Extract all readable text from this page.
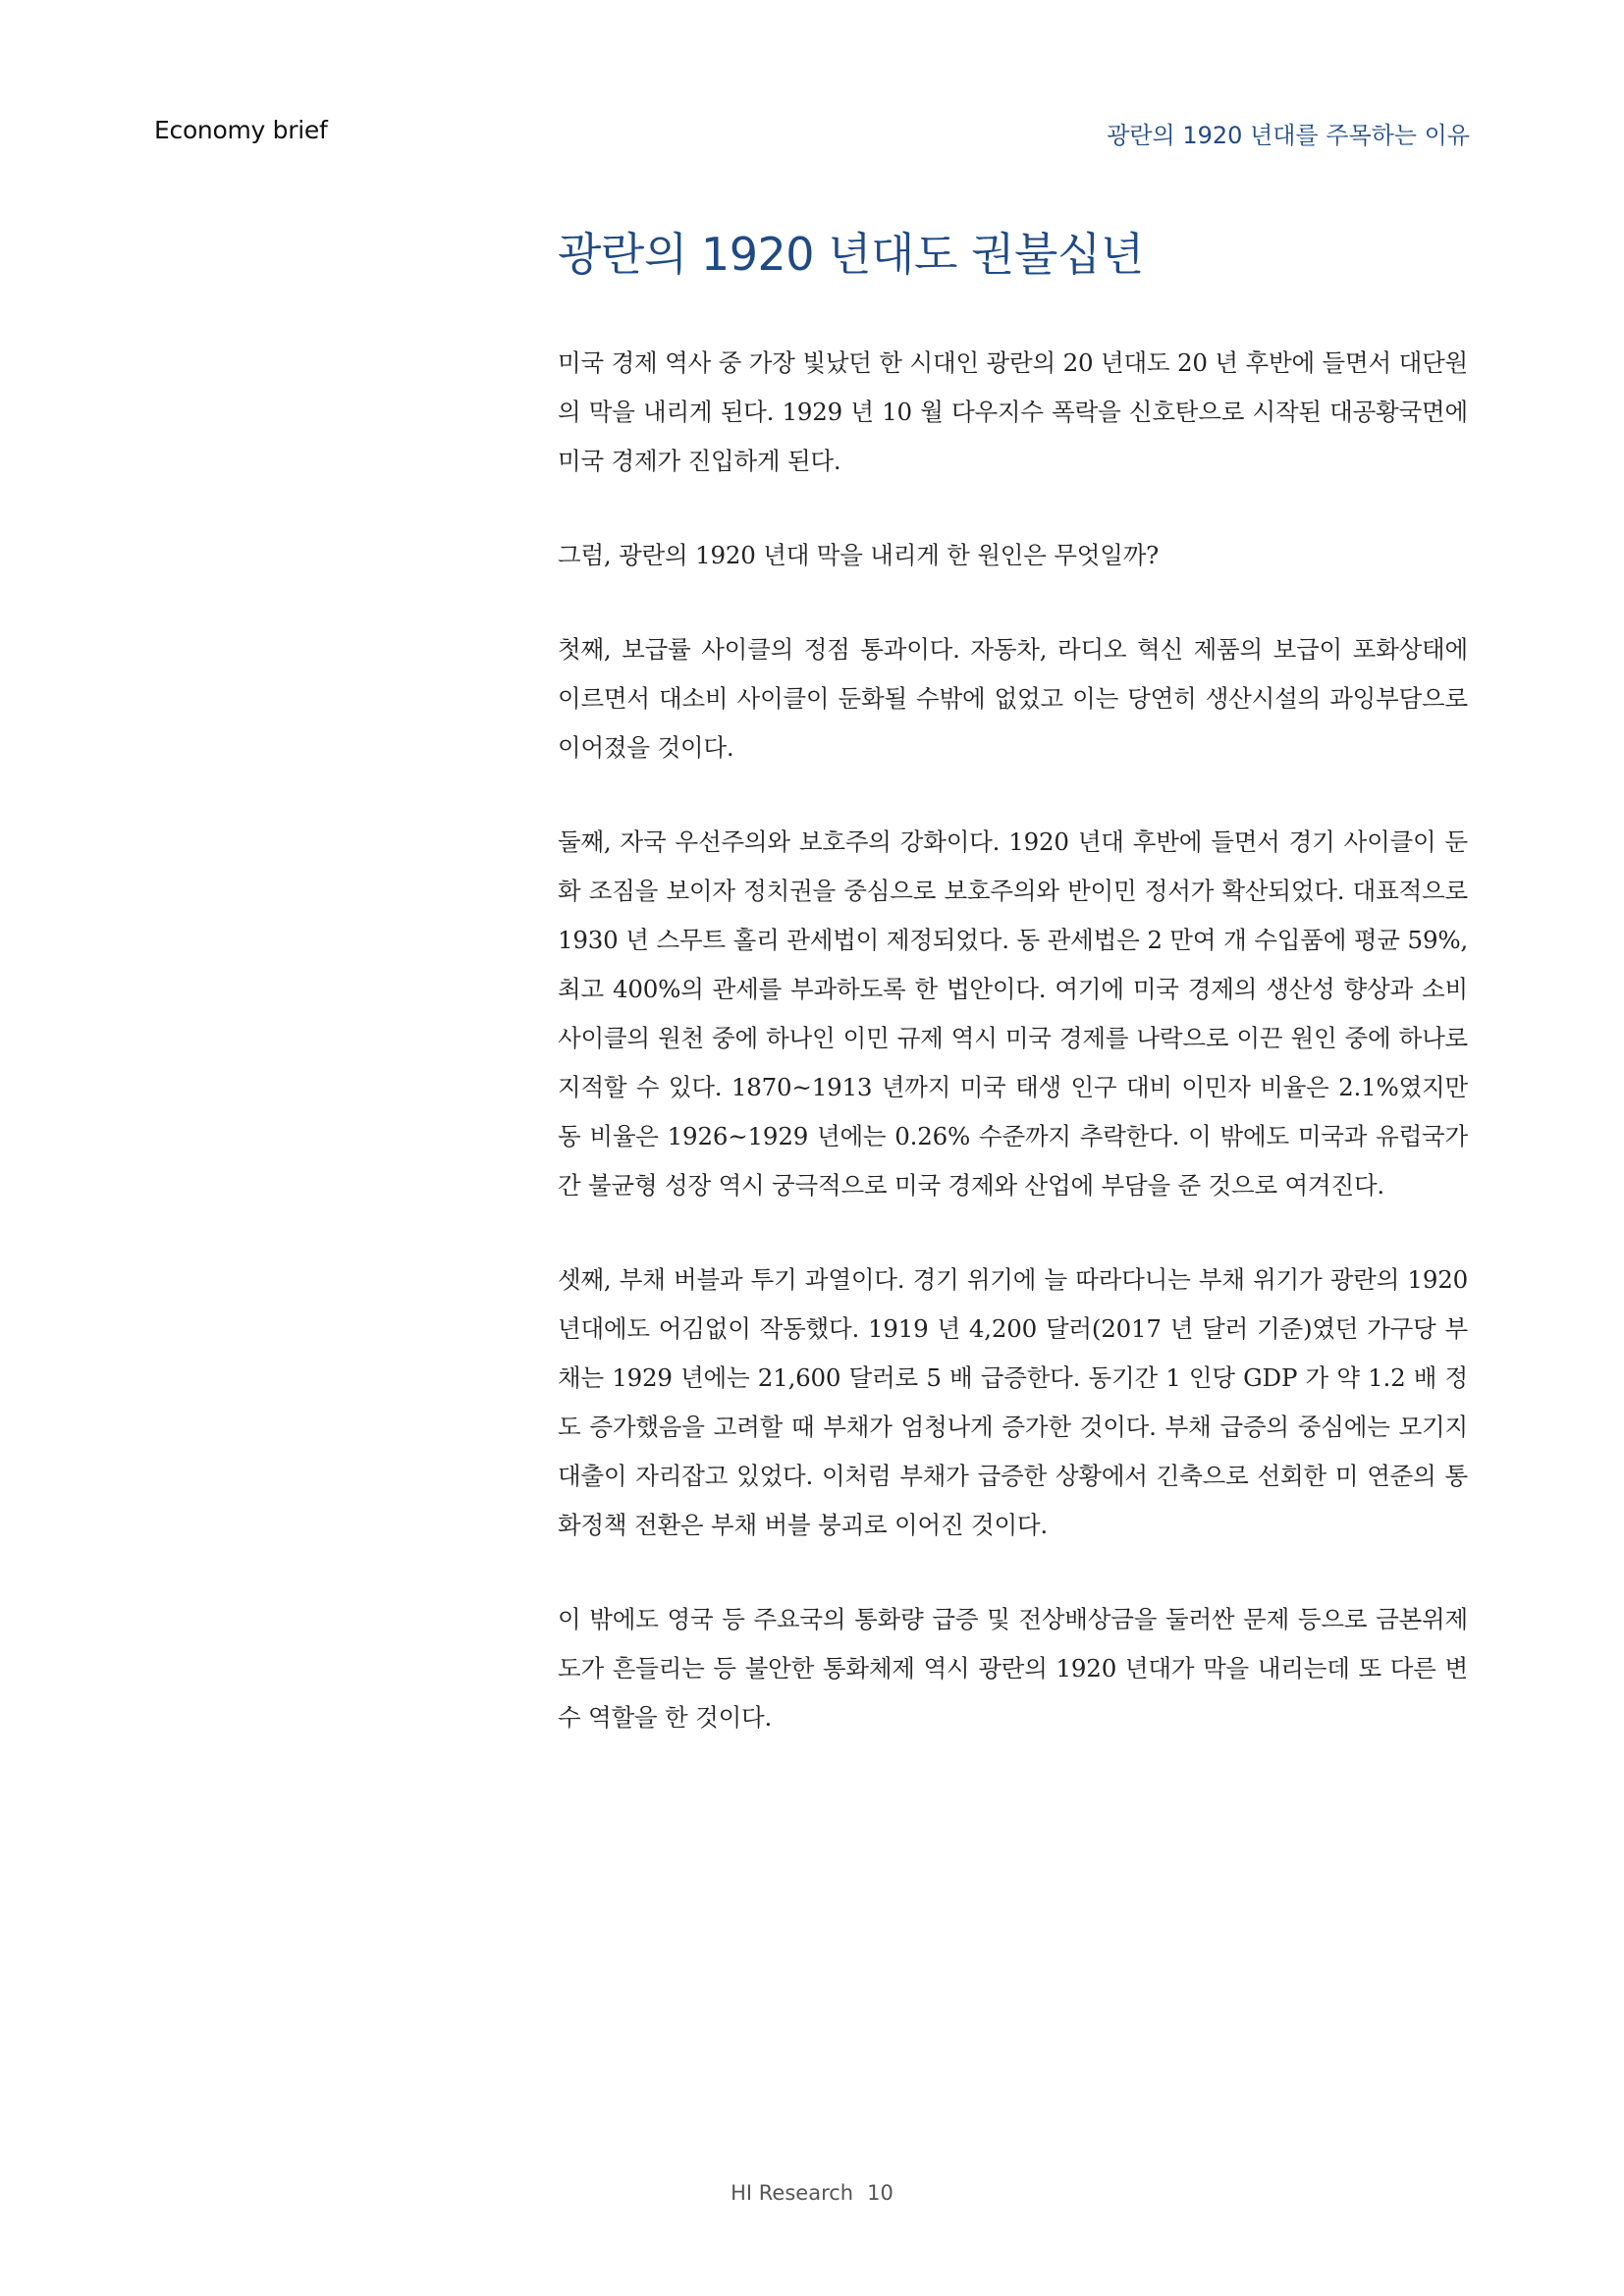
Economy brief	광란의 1920 년대를 주목하는 이유
광란의 1920 년대도 권불십년

미국 경제 역사 중 가장 빛났던 한 시대인 광란의 20 년대도 20 년 후반에 들면서 대단원의 막을 내리게 된다. 1929 년 10 월 다우지수 폭락을 신호탄으로 시작된 대공황국면에 미국 경제가 진입하게 된다.

그럼, 광란의 1920 년대 막을 내리게 한 원인은 무엇일까?

첫째, 보급률 사이클의 정점 통과이다. 자동차, 라디오 혁신 제품의 보급이 포화상태에 이르면서 대소비 사이클이 둔화될 수밖에 없었고 이는 당연히 생산시설의 과잉부담으로 이어졌을 것이다.

둘째, 자국 우선주의와 보호주의 강화이다. 1920 년대 후반에 들면서 경기 사이클이 둔화 조짐을 보이자 정치권을 중심으로 보호주의와 반이민 정서가 확산되었다. 대표적으로 1930 년 스무트 홀리 관세법이 제정되었다. 동 관세법은 2 만여 개 수입품에 평균 59%, 최고 400%의 관세를 부과하도록 한 법안이다. 여기에 미국 경제의 생산성 향상과 소비사이클의 원천 중에 하나인 이민 규제 역시 미국 경제를 나락으로 이끈 원인 중에 하나로 지적할 수 있다. 1870~1913 년까지 미국 태생 인구 대비 이민자 비율은 2.1%였지만 동 비율은 1926~1929 년에는 0.26% 수준까지 추락한다. 이 밖에도 미국과 유럽국가 간 불균형 성장 역시 궁극적으로 미국 경제와 산업에 부담을 준 것으로 여겨진다.

셋째, 부채 버블과 투기 과열이다. 경기 위기에 늘 따라다니는 부채 위기가 광란의 1920 년대에도 어김없이 작동했다. 1919 년 4,200 달러(2017 년 달러 기준)였던 가구당 부채는 1929 년에는 21,600 달러로 5 배 급증한다. 동기간 1 인당 GDP 가 약 1.2 배 정도 증가했음을 고려할 때 부채가 엄청나게 증가한 것이다. 부채 급증의 중심에는 모기지 대출이 자리잡고 있었다. 이처럼 부채가 급증한 상황에서 긴축으로 선회한 미 연준의 통화정책 전환은 부채 버블 붕괴로 이어진 것이다.

이 밖에도 영국 등 주요국의 통화량 급증 및 전상배상금을 둘러싼 문제 등으로 금본위제도가 흔들리는 등 불안한 통화체제 역시 광란의 1920 년대가 막을 내리는데 또 다른 변수 역할을 한 것이다.

HI Research 10
